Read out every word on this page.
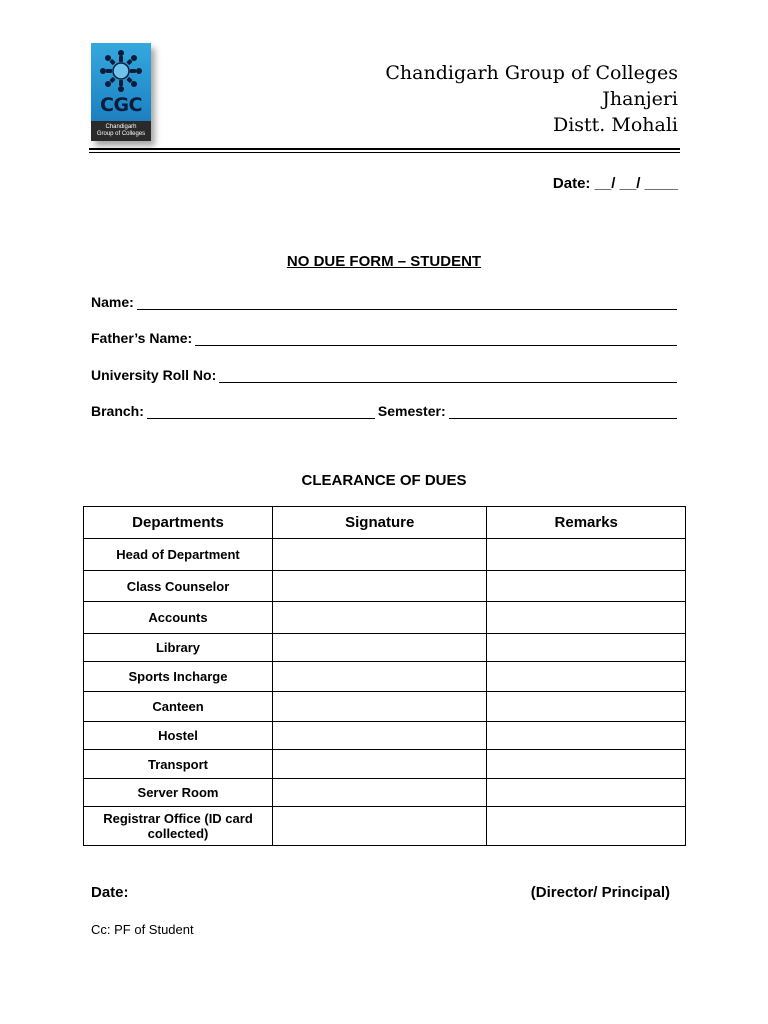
CGC
Chandigarh
Group of Colleges
Chandigarh Group of Colleges
Jhanjeri
Distt. Mohali
Date: __/ __/ ____
NO DUE FORM – STUDENT
Name:
Father’s Name:
University Roll No:
Branch:	Semester:
CLEARANCE OF DUES
Departments	Signature	Remarks
Head of Department		
Class Counselor		
Accounts		
Library		
Sports Incharge		
Canteen		
Hostel		
Transport		
Server Room		
Registrar Office (ID card collected)		
Date:	(Director/ Principal)
Cc: PF of Student
